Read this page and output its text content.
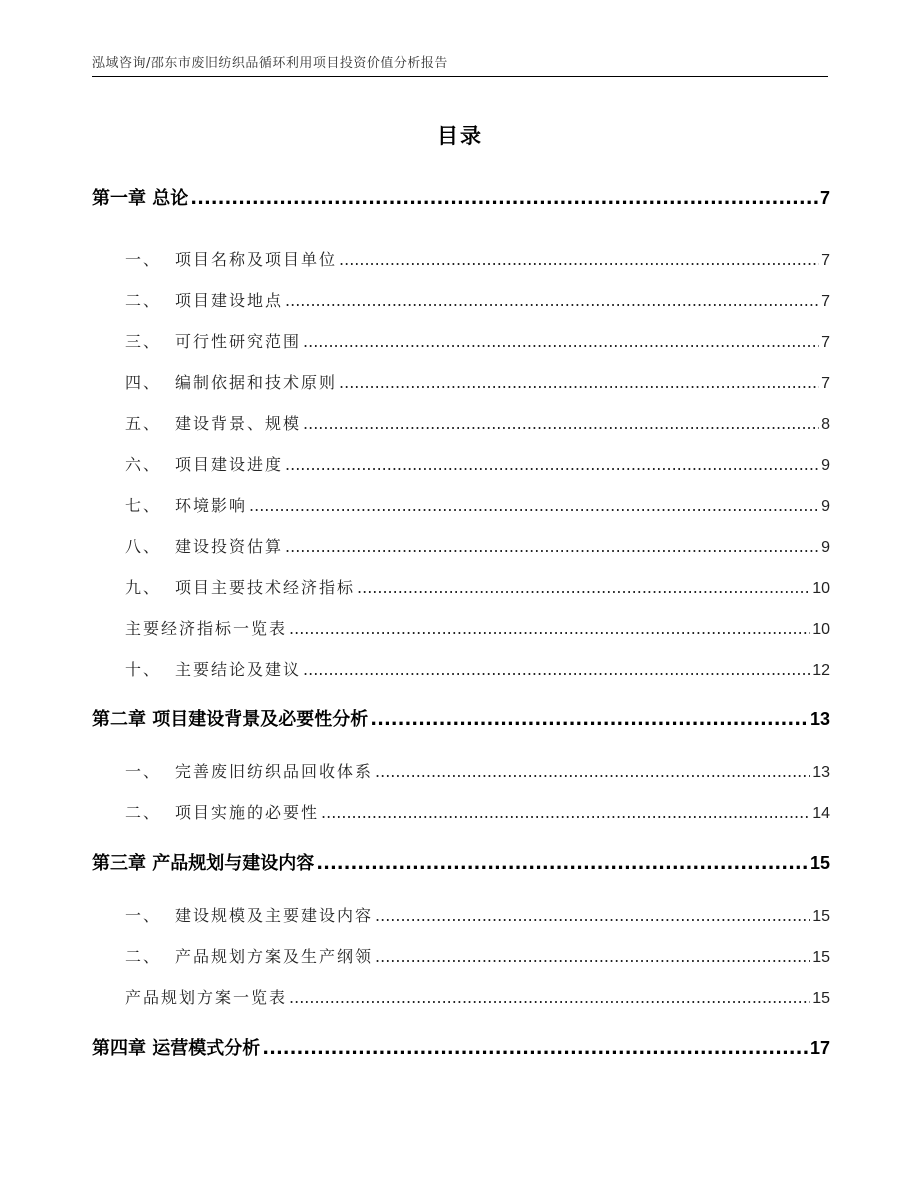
泓域咨询/邵东市废旧纺织品循环利用项目投资价值分析报告
目录
第一章 总论 .....	7
一、 项目名称及项目单位 .....	7
二、 项目建设地点 .....	7
三、 可行性研究范围 .....	7
四、 编制依据和技术原则 .....	7
五、 建设背景、规模 .....	8
六、 项目建设进度 .....	9
七、 环境影响 .....	9
八、 建设投资估算 .....	9
九、 项目主要技术经济指标 .....	10
主要经济指标一览表 .....	10
十、 主要结论及建议 .....	12
第二章 项目建设背景及必要性分析 .....	13
一、 完善废旧纺织品回收体系 .....	13
二、 项目实施的必要性 .....	14
第三章 产品规划与建设内容 .....	15
一、 建设规模及主要建设内容 .....	15
二、 产品规划方案及生产纲领 .....	15
产品规划方案一览表 .....	15
第四章 运营模式分析 .....	17
